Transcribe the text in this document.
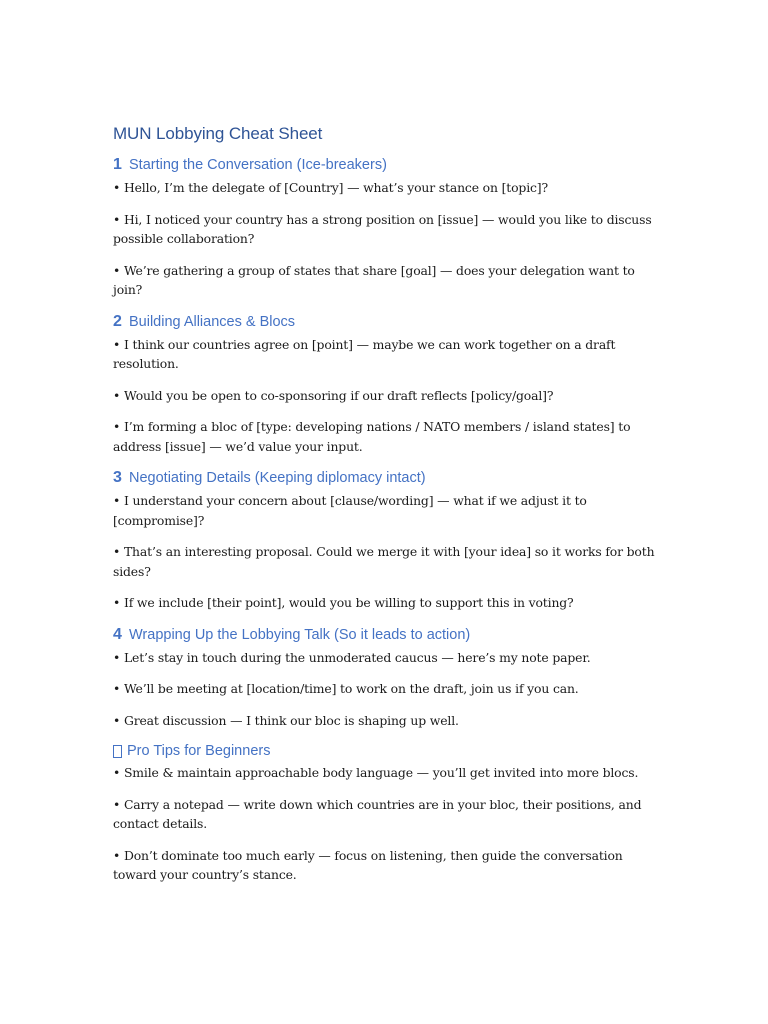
MUN Lobbying Cheat Sheet
1 Starting the Conversation (Ice-breakers)

• Hello, I’m the delegate of [Country] — what’s your stance on [topic]?

• Hi, I noticed your country has a strong position on [issue] — would you like to discuss possible collaboration?

• We’re gathering a group of states that share [goal] — does your delegation want to join?

2 Building Alliances & Blocs

• I think our countries agree on [point] — maybe we can work together on a draft resolution.

• Would you be open to co-sponsoring if our draft reflects [policy/goal]?

• I’m forming a bloc of [type: developing nations / NATO members / island states] to address [issue] — we’d value your input.

3 Negotiating Details (Keeping diplomacy intact)

• I understand your concern about [clause/wording] — what if we adjust it to [compromise]?

• That’s an interesting proposal. Could we merge it with [your idea] so it works for both sides?

• If we include [their point], would you be willing to support this in voting?

4 Wrapping Up the Lobbying Talk (So it leads to action)

• Let’s stay in touch during the unmoderated caucus — here’s my note paper.

• We’ll be meeting at [location/time] to work on the draft, join us if you can.

• Great discussion — I think our bloc is shaping up well.

Pro Tips for Beginners

• Smile & maintain approachable body language — you’ll get invited into more blocs.

• Carry a notepad — write down which countries are in your bloc, their positions, and contact details.

• Don’t dominate too much early — focus on listening, then guide the conversation toward your country’s stance.
